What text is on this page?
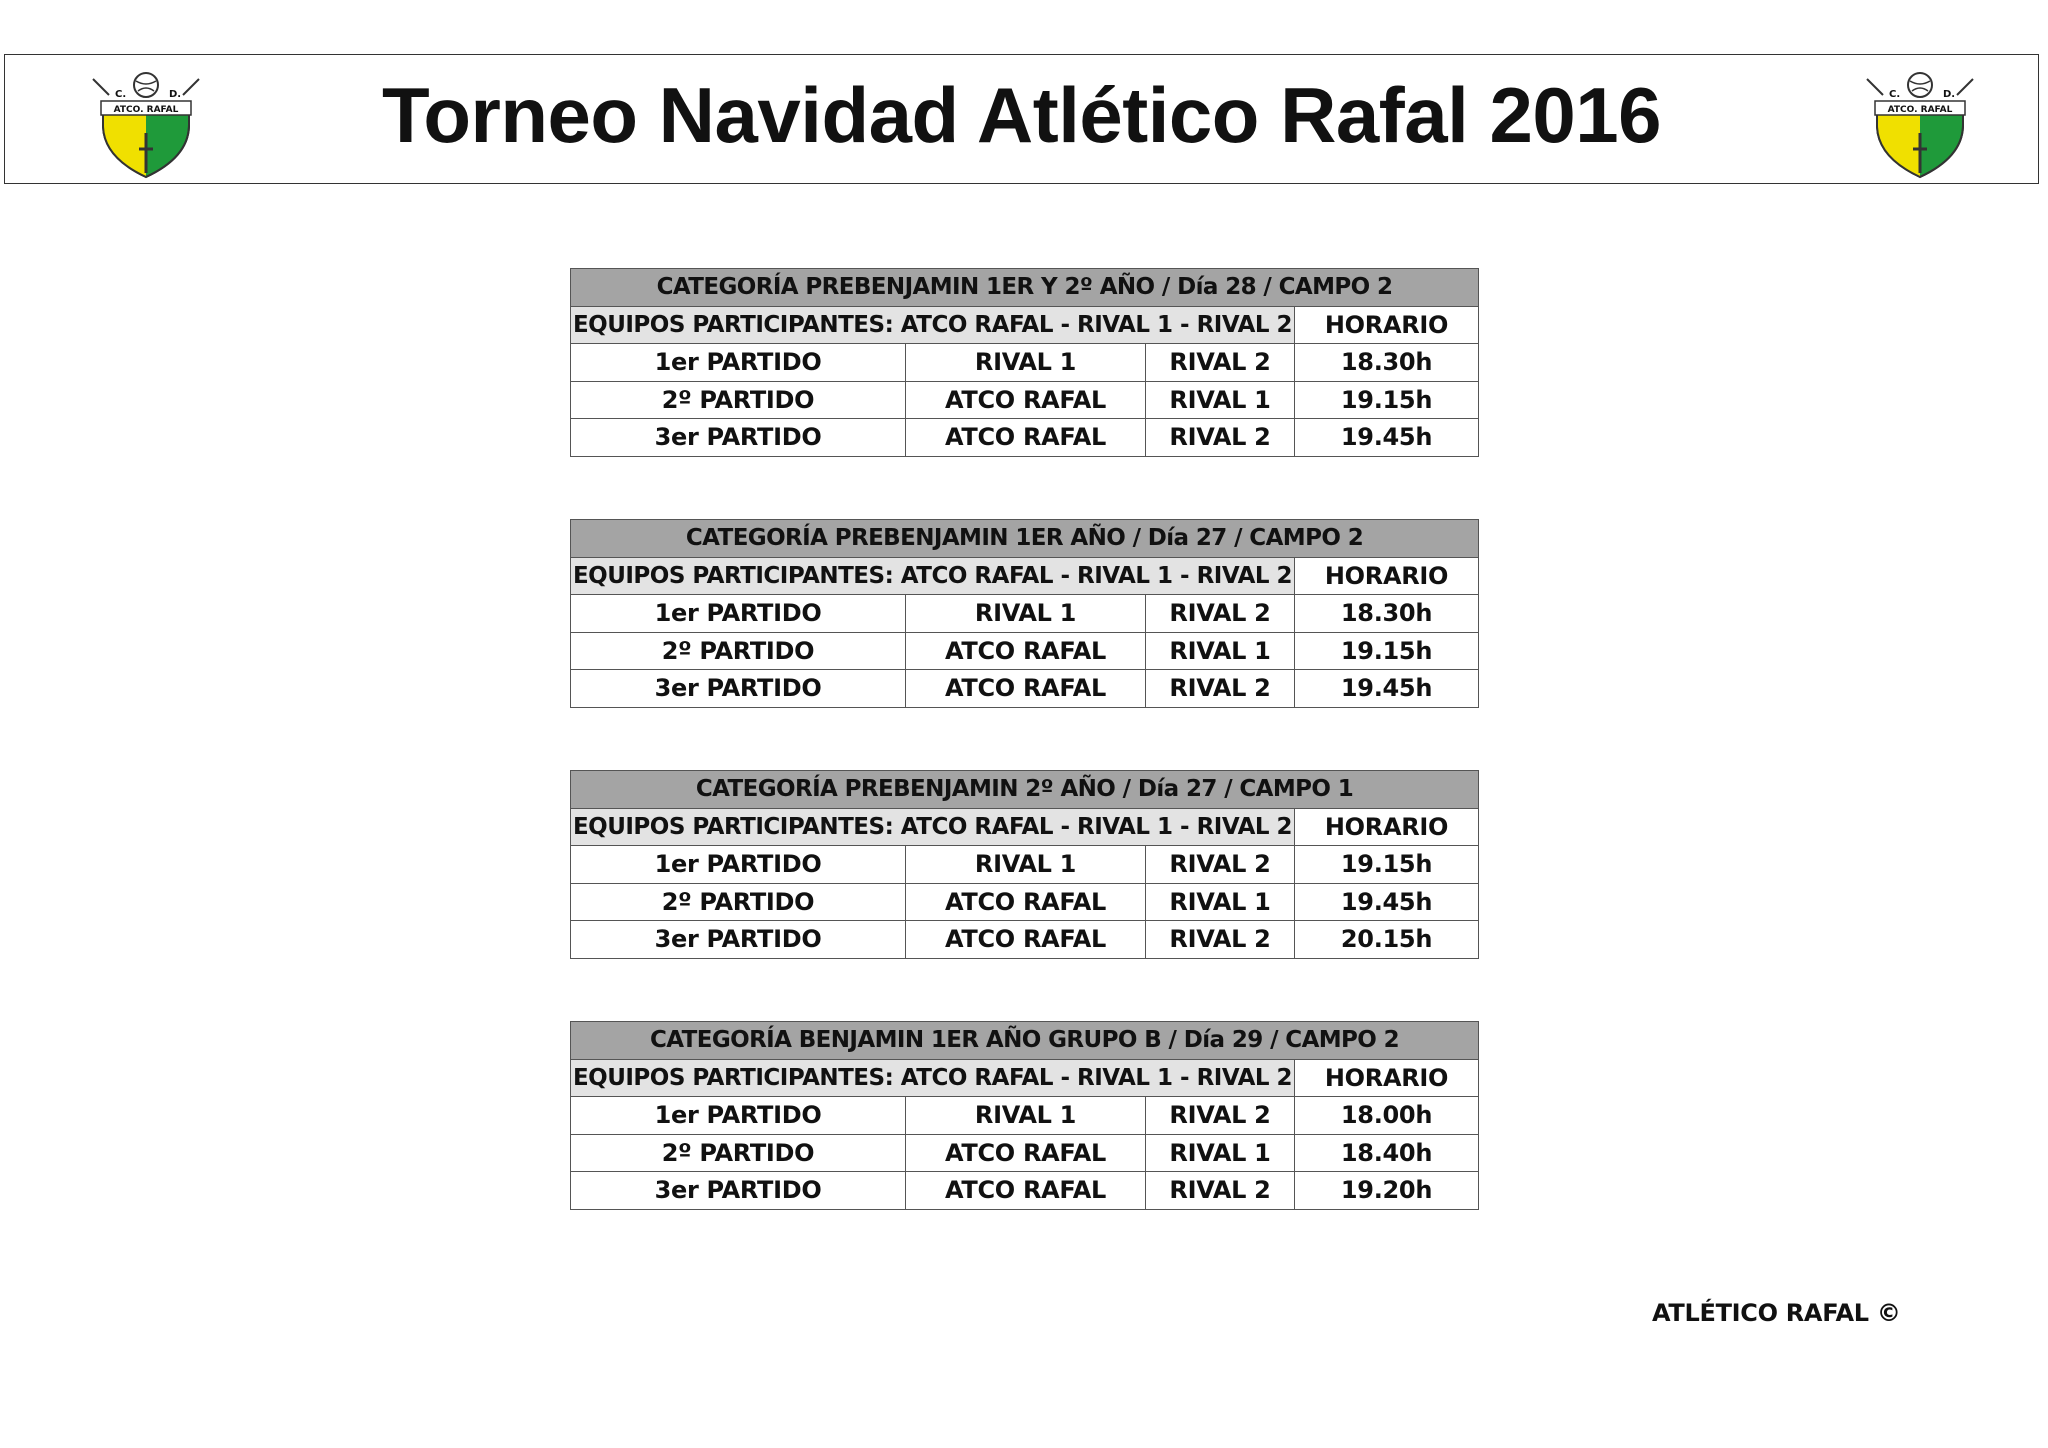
ATCO. RAFAL
C.	D.	Torneo Navidad Atlético Rafal 2016	ATCO. RAFAL
C.	D.
CATEGORÍA PREBENJAMIN 1ER Y 2º AÑO / Día 28 / CAMPO 2			
EQUIPOS PARTICIPANTES: ATCO RAFAL - RIVAL 1 - RIVAL 2			HORARIO
1er PARTIDO	RIVAL 1	RIVAL 2	18.30h
2º PARTIDO	ATCO RAFAL	RIVAL 1	19.15h
3er PARTIDO	ATCO RAFAL	RIVAL 2	19.45h
CATEGORÍA PREBENJAMIN 1ER AÑO / Día 27 / CAMPO 2			
EQUIPOS PARTICIPANTES: ATCO RAFAL - RIVAL 1 - RIVAL 2			HORARIO
1er PARTIDO	RIVAL 1	RIVAL 2	18.30h
2º PARTIDO	ATCO RAFAL	RIVAL 1	19.15h
3er PARTIDO	ATCO RAFAL	RIVAL 2	19.45h
CATEGORÍA PREBENJAMIN 2º AÑO / Día 27 / CAMPO 1			
EQUIPOS PARTICIPANTES: ATCO RAFAL - RIVAL 1 - RIVAL 2			HORARIO
1er PARTIDO	RIVAL 1	RIVAL 2	19.15h
2º PARTIDO	ATCO RAFAL	RIVAL 1	19.45h
3er PARTIDO	ATCO RAFAL	RIVAL 2	20.15h
CATEGORÍA BENJAMIN 1ER AÑO GRUPO B / Día 29 / CAMPO 2			
EQUIPOS PARTICIPANTES: ATCO RAFAL - RIVAL 1 - RIVAL 2			HORARIO
1er PARTIDO	RIVAL 1	RIVAL 2	18.00h
2º PARTIDO	ATCO RAFAL	RIVAL 1	18.40h
3er PARTIDO	ATCO RAFAL	RIVAL 2	19.20h
ATLÉTICO RAFAL ©
